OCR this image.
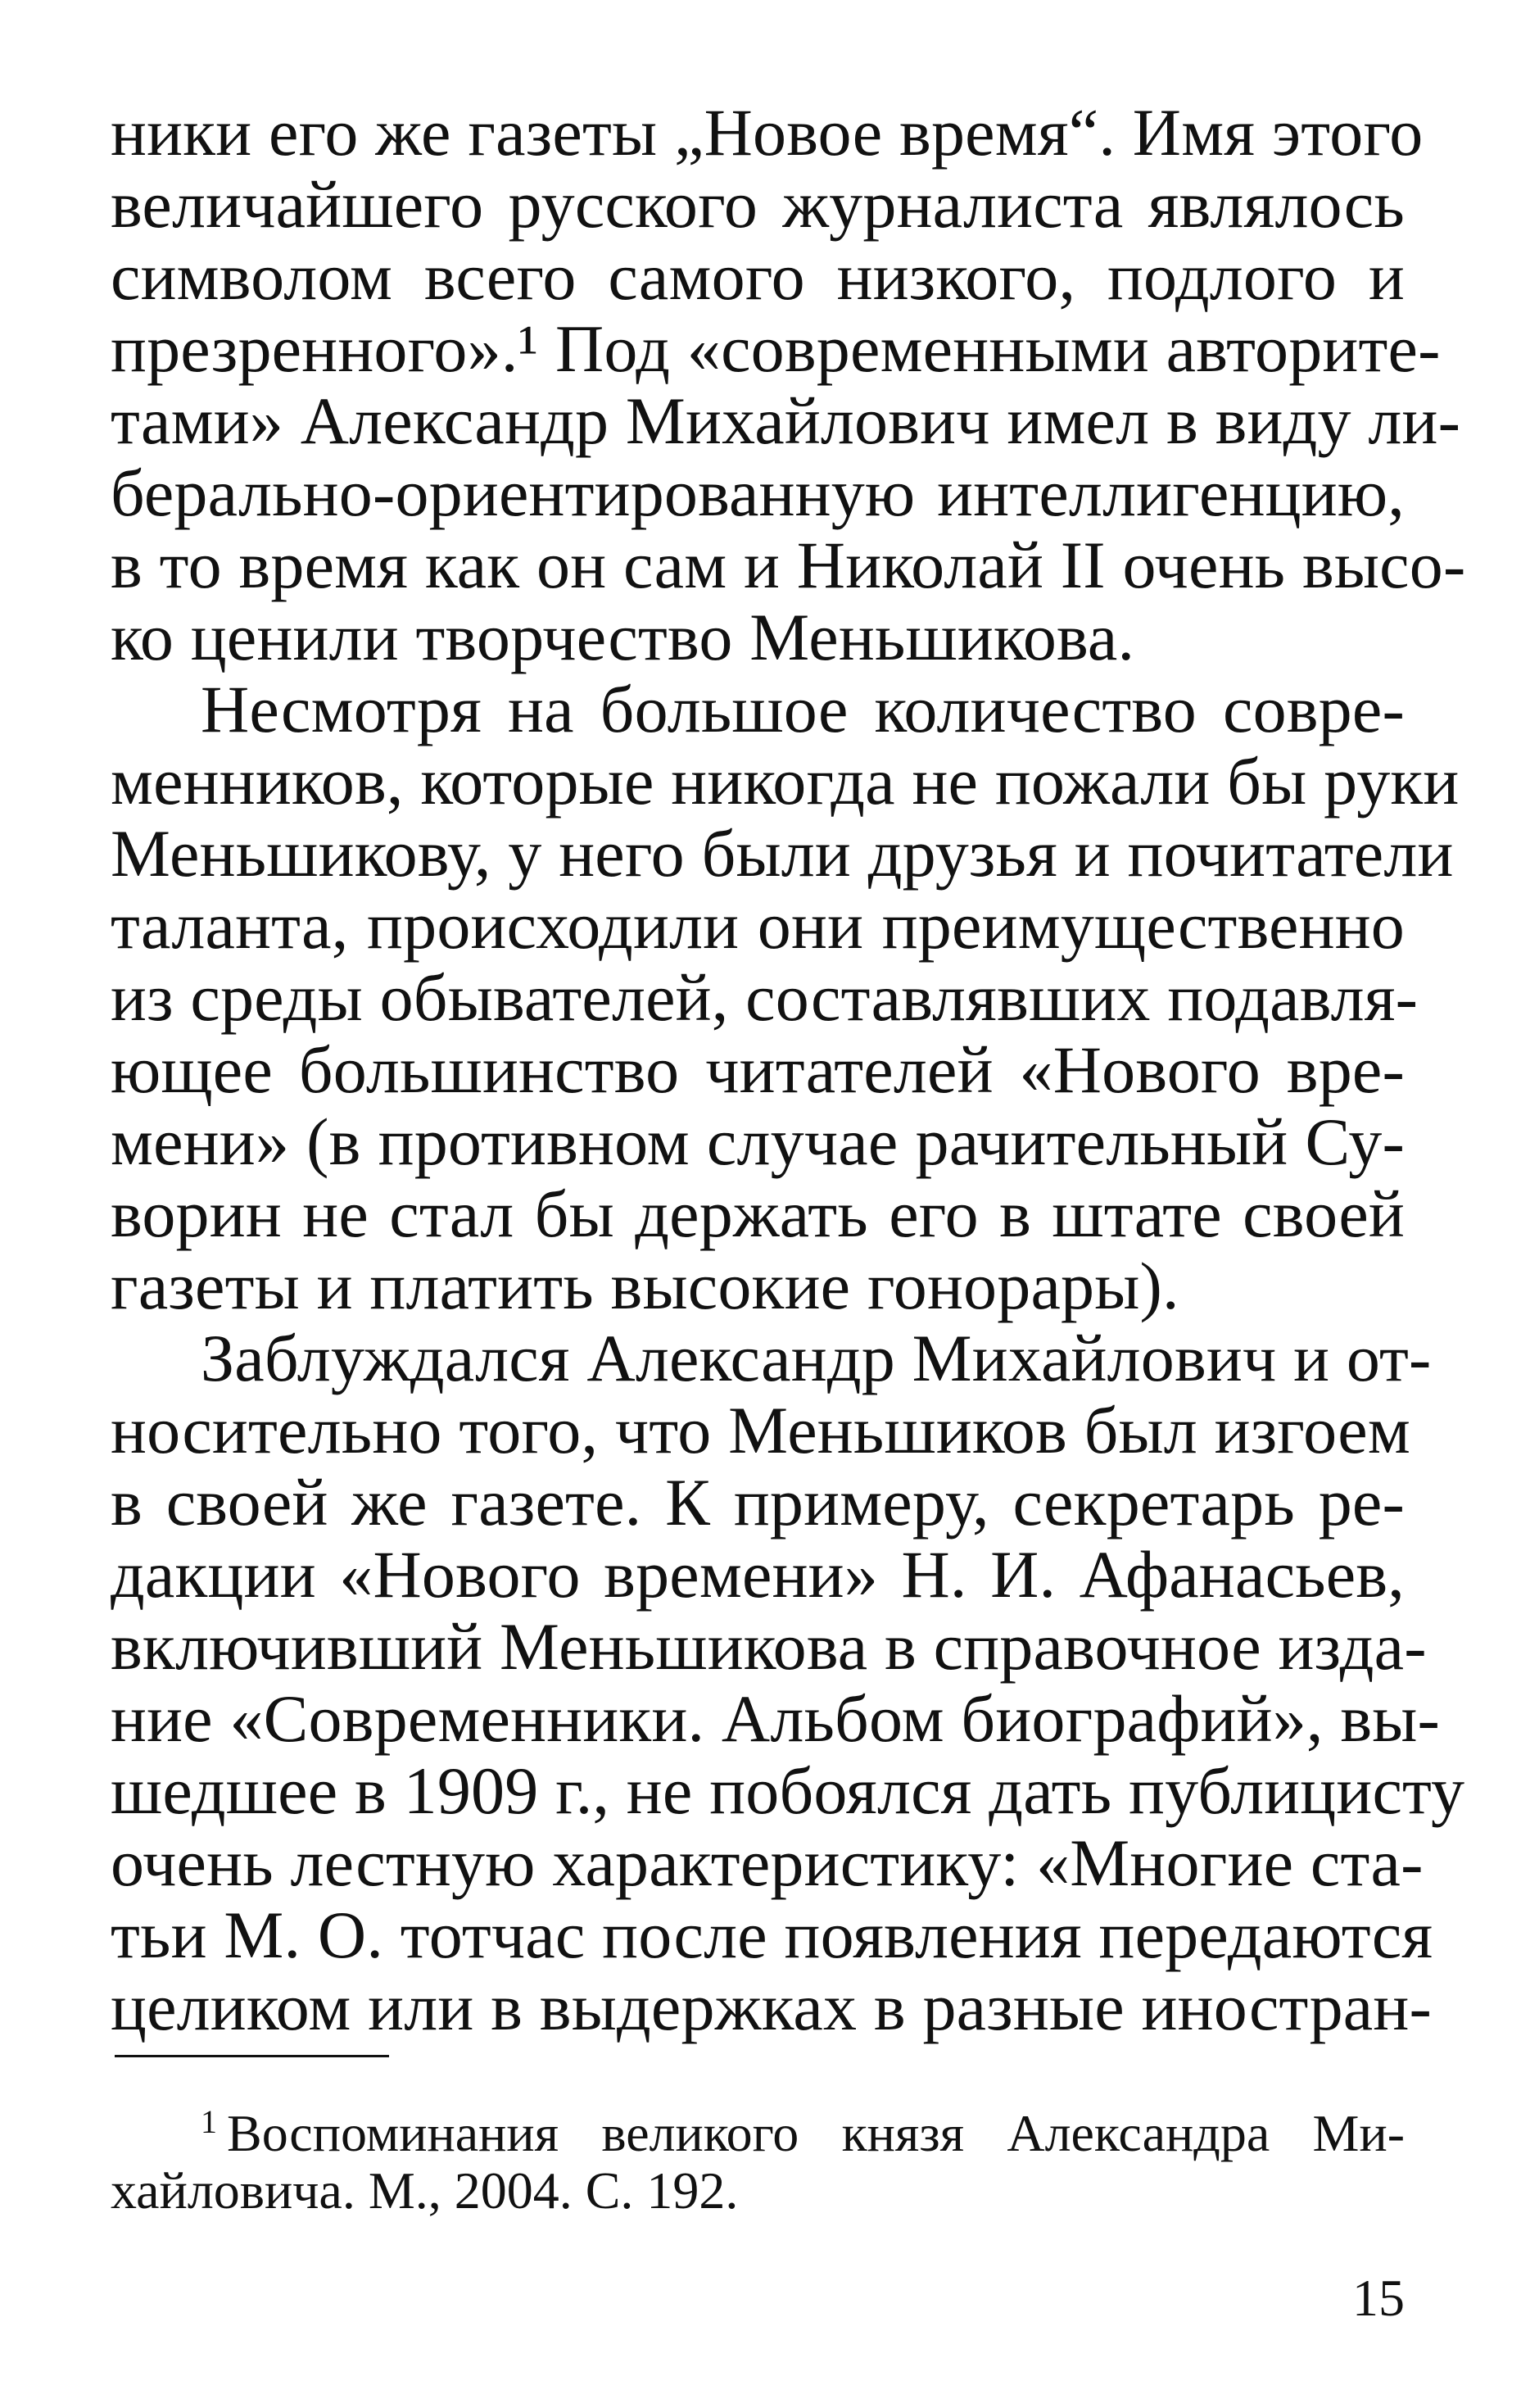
ники его же газеты „Новое время“. Имя этого
величайшего русского журналиста являлось
символом всего самого низкого, подлого и
презренного».¹ Под «современными авторите-
тами» Александр Михайлович имел в виду ли-
берально-ориентированную интеллигенцию,
в то время как он сам и Николай II очень высо-
ко ценили творчество Меньшикова.
Несмотря на большое количество совре-
менников, которые никогда не пожали бы руки
Меньшикову, у него были друзья и почитатели
таланта, происходили они преимущественно
из среды обывателей, составлявших подавля-
ющее большинство читателей «Нового вре-
мени» (в противном случае рачительный Су-
ворин не стал бы держать его в штате своей
газеты и платить высокие гонорары).
Заблуждался Александр Михайлович и от-
носительно того, что Меньшиков был изгоем
в своей же газете. К примеру, секретарь ре-
дакции «Нового времени» Н. И. Афанасьев,
включивший Меньшикова в справочное изда-
ние «Современники. Альбом биографий», вы-
шедшее в 1909 г., не побоялся дать публицисту
очень лестную характеристику: «Многие ста-
тьи М. О. тотчас после появления передаются
целиком или в выдержках в разные иностран-
$^1$ Воспоминания великого князя Александра Ми-
хайловича. М., 2004. С. 192.
15
